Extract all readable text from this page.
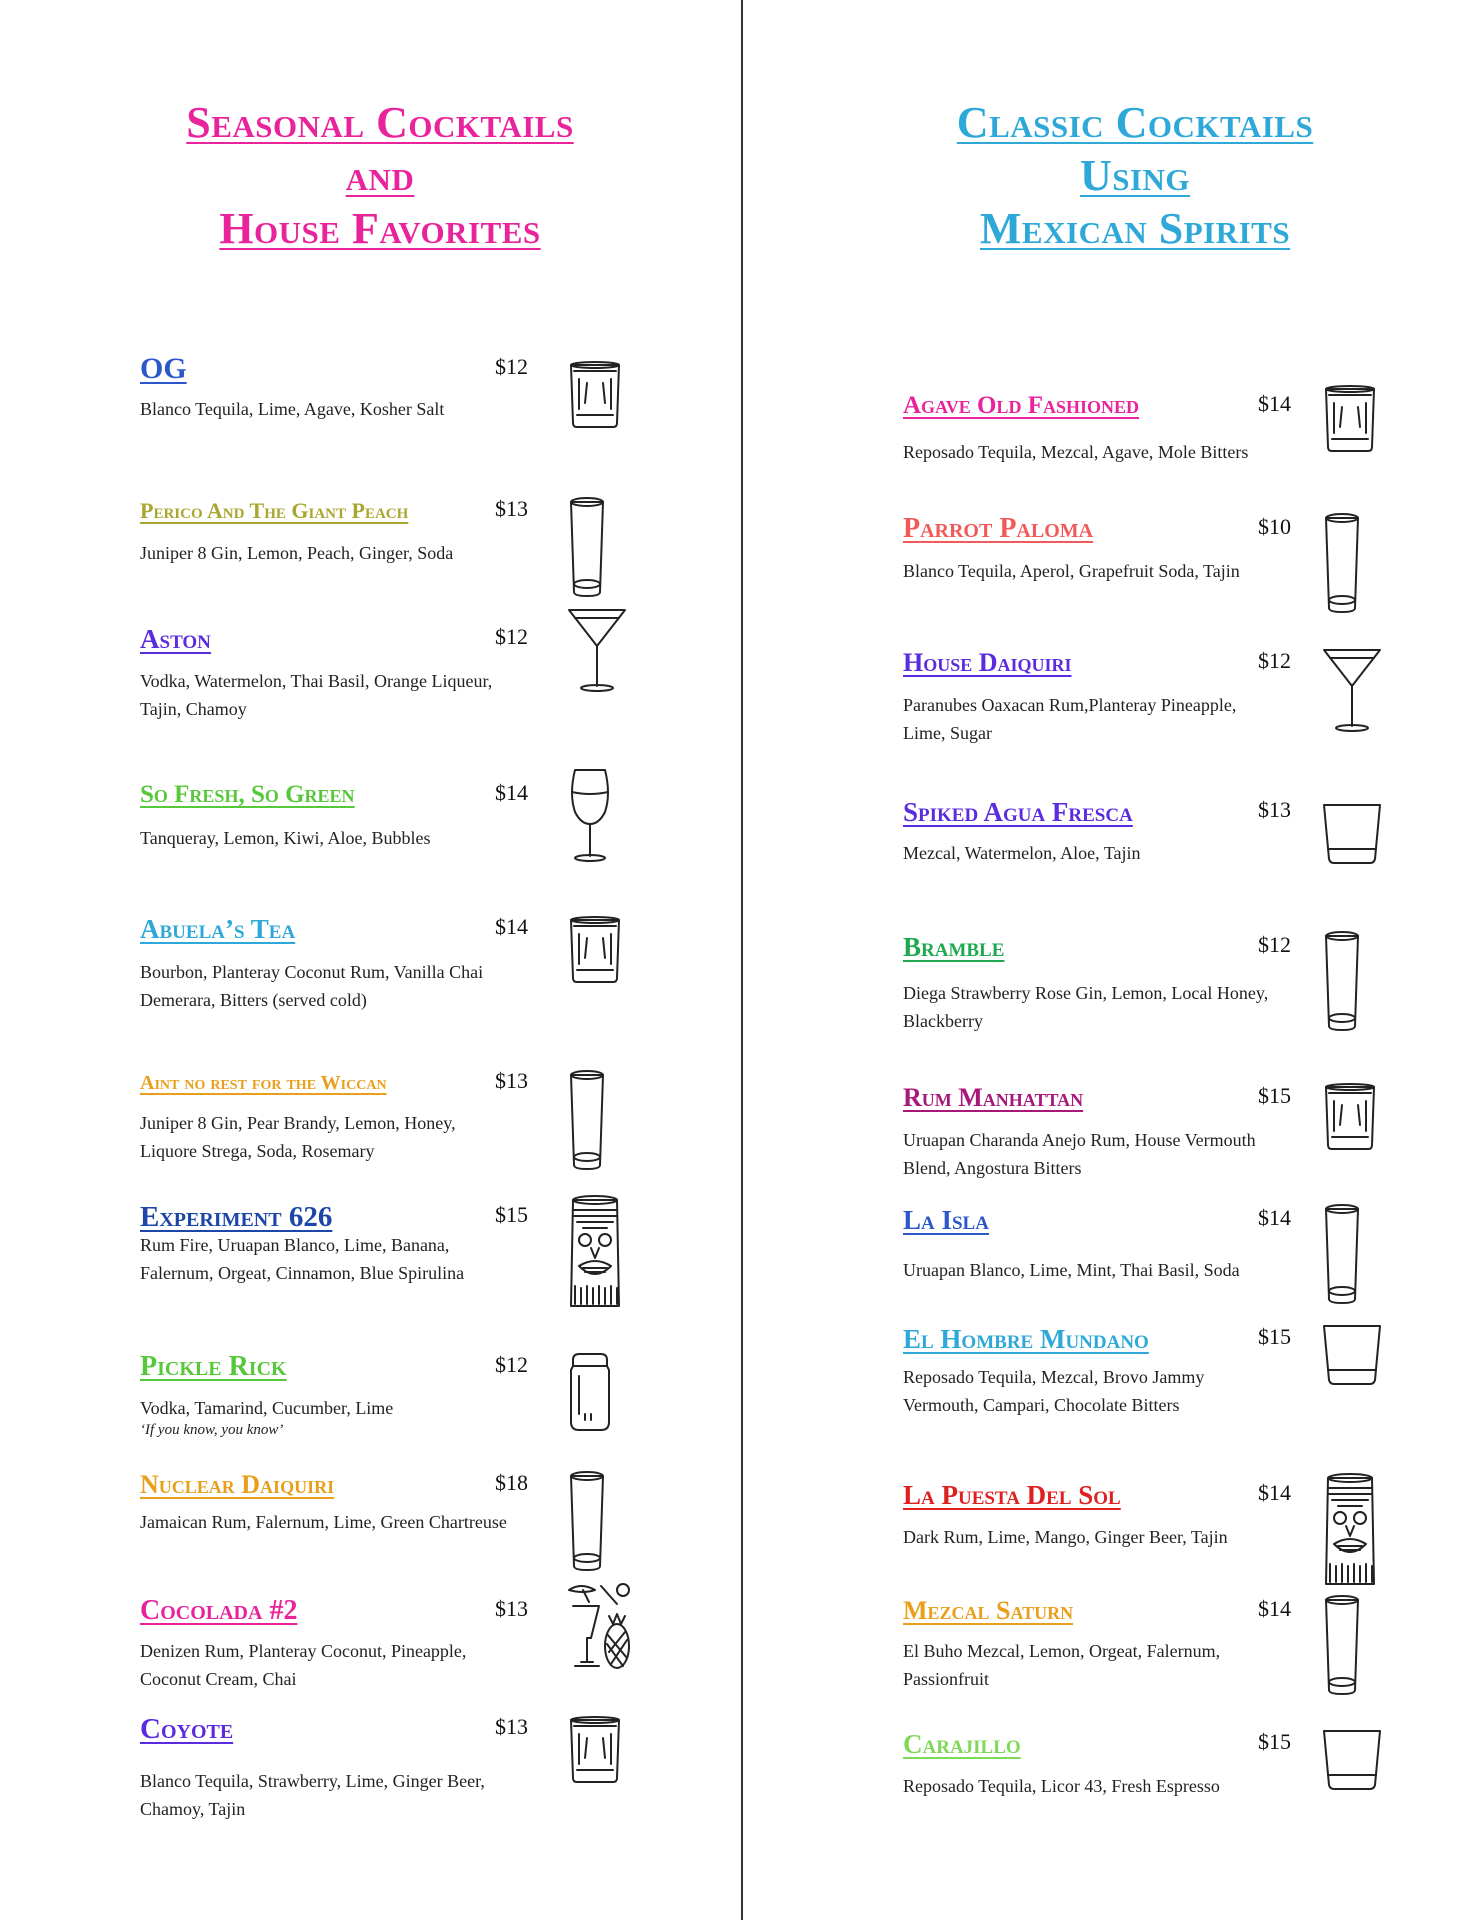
Seasonal Cocktails
and
House Favorites
Classic Cocktails
Using
Mexican Spirits
OG	$12
Blanco Tequila, Lime, Agave, Kosher Salt
Perico And The Giant Peach	$13
Juniper 8 Gin, Lemon, Peach, Ginger, Soda
Aston	$12
Vodka, Watermelon, Thai Basil, Orange Liqueur, Tajin, Chamoy
So Fresh, So Green	$14
Tanqueray, Lemon, Kiwi, Aloe, Bubbles
Abuela’s Tea	$14
Bourbon, Planteray Coconut Rum, Vanilla Chai Demerara, Bitters (served cold)
Aint no rest for the Wiccan	$13
Juniper 8 Gin, Pear Brandy, Lemon, Honey, Liquore Strega, Soda, Rosemary
Experiment 626	$15
Rum Fire, Uruapan Blanco, Lime, Banana, Falernum, Orgeat, Cinnamon, Blue Spirulina
Pickle Rick	$12
Vodka, Tamarind, Cucumber, Lime
‘If you know, you know’
Nuclear Daiquiri	$18
Jamaican Rum, Falernum, Lime, Green Chartreuse
Cocolada #2	$13
Denizen Rum, Planteray Coconut, Pineapple, Coconut Cream, Chai
Coyote	$13
Blanco Tequila, Strawberry, Lime, Ginger Beer, Chamoy, Tajin
Agave Old Fashioned	$14
Reposado Tequila, Mezcal, Agave, Mole Bitters
Parrot Paloma	$10
Blanco Tequila, Aperol, Grapefruit Soda, Tajin
House Daiquiri	$12
Paranubes Oaxacan Rum,Planteray Pineapple, Lime, Sugar
Spiked Agua Fresca	$13
Mezcal, Watermelon, Aloe, Tajin
Bramble	$12
Diega Strawberry Rose Gin, Lemon, Local Honey, Blackberry
Rum Manhattan	$15
Uruapan Charanda Anejo Rum, House Vermouth Blend, Angostura Bitters
La Isla	$14
Uruapan Blanco, Lime, Mint, Thai Basil, Soda
El Hombre Mundano	$15
Reposado Tequila, Mezcal, Brovo Jammy Vermouth, Campari, Chocolate Bitters
La Puesta Del Sol	$14
Dark Rum, Lime, Mango, Ginger Beer, Tajin
Mezcal Saturn	$14
El Buho Mezcal, Lemon, Orgeat, Falernum, Passionfruit
Carajillo	$15
Reposado Tequila, Licor 43, Fresh Espresso
